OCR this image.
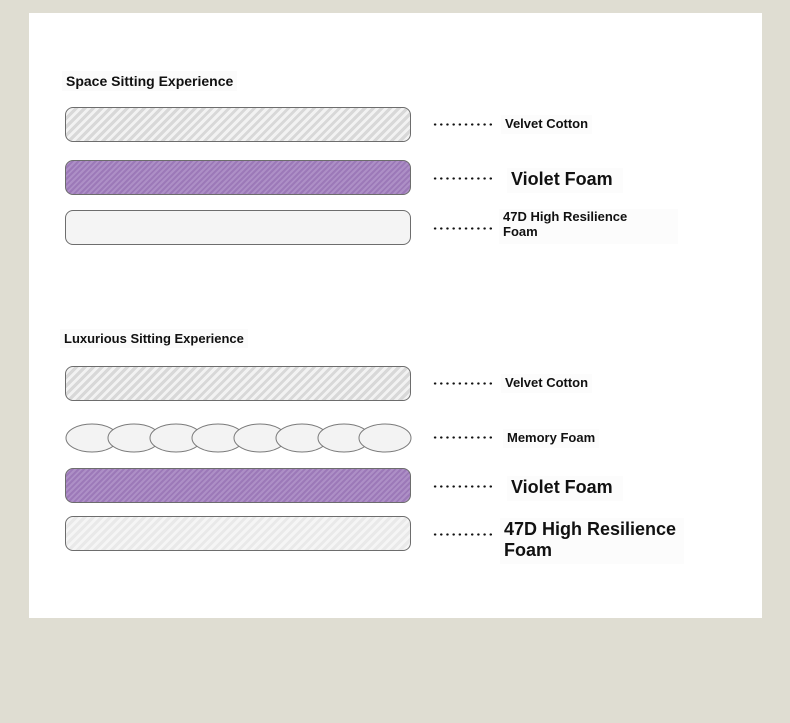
Space Sitting Experience
Velvet Cotton
Violet Foam
47D High Resilience Foam
Luxurious Sitting Experience
Velvet Cotton
Memory Foam
Violet Foam
47D High Resilience Foam
